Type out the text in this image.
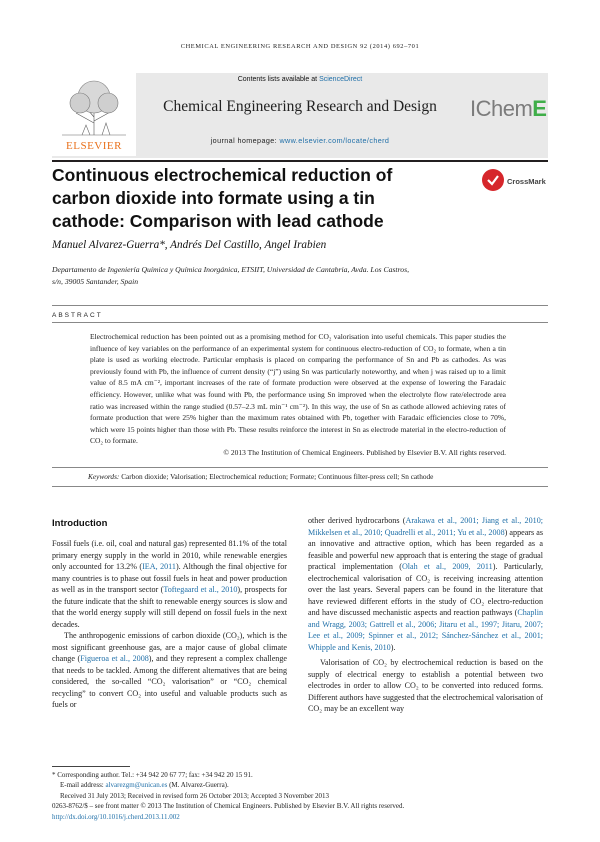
CHEMICAL ENGINEERING RESEARCH AND DESIGN 92 (2014) 692–701
ELSEVIER
Contents lists available at ScienceDirect
Chemical Engineering Research and Design
journal homepage: www.elsevier.com/locate/cherd
IChemE
Continuous electrochemical reduction of carbon dioxide into formate using a tin cathode: Comparison with lead cathode
CrossMark
Manuel Alvarez-Guerra*, Andrés Del Castillo, Angel Irabien
Departamento de Ingeniería Química y Química Inorgánica, ETSIIT, Universidad de Cantabria, Avda. Los Castros,
s/n, 39005 Santander, Spain
ABSTRACT

Electrochemical reduction has been pointed out as a promising method for CO₂ valorisation into useful chemicals. This paper studies the influence of key variables on the performance of an experimental system for continuous electro-reduction of CO₂ to formate, when a tin plate is used as working electrode. Particular emphasis is placed on comparing the performance of Sn and Pb as cathodes. As was previously found with Pb, the influence of current density (“j”) using Sn was particularly noteworthy, and when j was raised up to a limit value of 8.5 mA cm⁻², important increases of the rate of formate production were observed at the expense of lowering the Faradaic efficiency. However, unlike what was found with Pb, the performance using Sn improved when the electrolyte flow rate/electrode area ratio was increased within the range studied (0.57–2.3 mL min⁻¹ cm⁻²). In this way, the use of Sn as cathode allowed achieving rates of formate production that were 25% higher than the maximum rates obtained with Pb, together with Faradaic efficiencies close to 70%, which were 15 points higher than those with Pb. These results reinforce the interest in Sn as electrode material in the electro-reduction of CO₂ to formate.

© 2013 The Institution of Chemical Engineers. Published by Elsevier B.V. All rights reserved.

Keywords: Carbon dioxide; Valorisation; Electrochemical reduction; Formate; Continuous filter-press cell; Sn cathode
Introduction

Fossil fuels (i.e. oil, coal and natural gas) represented 81.1% of the total primary energy supply in the world in 2010, while renewable energies only accounted for 13.2% (IEA, 2011). Although the final objective for many countries is to phase out fossil fuels in heat and power production as well as in the transport sector (Toftegaard et al., 2010), prospects for the future indicate that the shift to renewable energy sources is slow and that the world energy supply will still depend on fossil fuels in the next decades.

The anthropogenic emissions of carbon dioxide (CO₂), which is the most significant greenhouse gas, are a major cause of global climate change (Figueroa et al., 2008), and they represent a complex challenge that needs to be tackled. Among the different alternatives that are being considered, the so-called “CO₂ valorisation” or “CO₂ chemical recycling” to convert CO₂ into useful and valuable products such as fuels or

other derived hydrocarbons (Arakawa et al., 2001; Jiang et al., 2010; Mikkelsen et al., 2010; Quadrelli et al., 2011; Yu et al., 2008) appears as an innovative and attractive option, which has been regarded as a feasible and powerful new approach that is entering the stage of gradual practical implementation (Olah et al., 2009, 2011). Particularly, electrochemical valorisation of CO₂ is receiving increasing attention over the last years. Several papers can be found in the literature that have reviewed different efforts in the study of CO₂ electro-reduction and have discussed mechanistic aspects and reaction pathways (Chaplin and Wragg, 2003; Gattrell et al., 2006; Jitaru et al., 1997; Jitaru, 2007; Lee et al., 2009; Spinner et al., 2012; Sánchez-Sánchez et al., 2001; Whipple and Kenis, 2010).

Valorisation of CO₂ by electrochemical reduction is based on the supply of electrical energy to establish a potential between two electrodes in order to allow CO₂ to be converted into reduced forms. Different authors have suggested that the electrochemical valorisation of CO₂ may be an excellent way

* Corresponding author. Tel.: +34 942 20 67 77; fax: +34 942 20 15 91.
E-mail address: alvarezgm@unican.es (M. Alvarez-Guerra).
Received 31 July 2013; Received in revised form 26 October 2013; Accepted 3 November 2013
0263-8762/$ – see front matter © 2013 The Institution of Chemical Engineers. Published by Elsevier B.V. All rights reserved.
http://dx.doi.org/10.1016/j.cherd.2013.11.002
